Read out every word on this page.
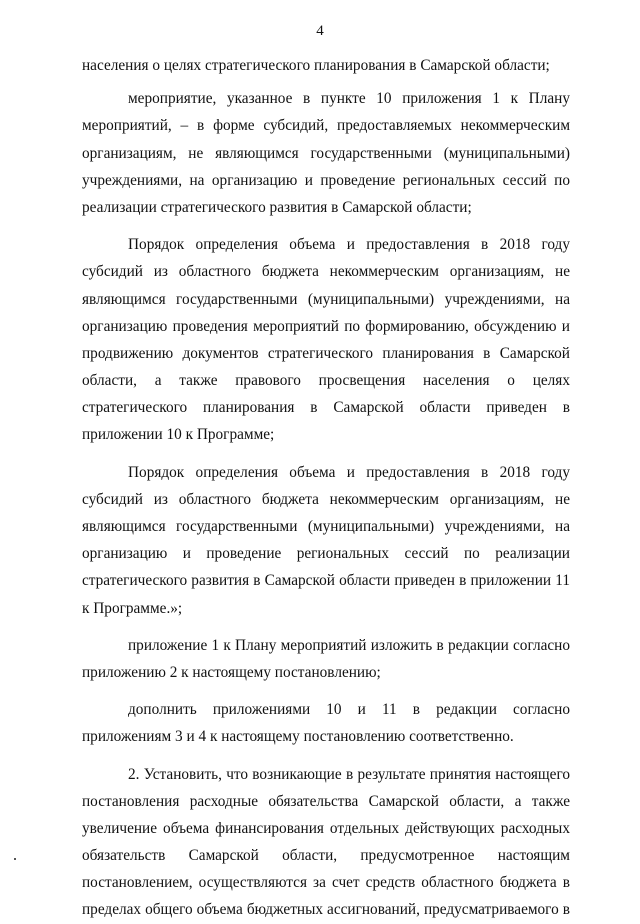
4
населения о целях стратегического планирования в Самарской области;
мероприятие, указанное в пункте 10 приложения 1 к Плану
мероприятий, – в форме субсидий, предоставляемых некоммерческим
организациям, не являющимся государственными (муниципальными)
учреждениями, на организацию и проведение региональных сессий по
реализации стратегического развития в Самарской области;
Порядок определения объема и предоставления в 2018 году
субсидий из областного бюджета некоммерческим организациям, не
являющимся государственными (муниципальными) учреждениями, на
организацию проведения мероприятий по формированию, обсуждению и
продвижению документов стратегического планирования в Самарской
области, а также правового просвещения населения о целях
стратегического планирования в Самарской области приведен в
приложении 10 к Программе;
Порядок определения объема и предоставления в 2018 году
субсидий из областного бюджета некоммерческим организациям, не
являющимся государственными (муниципальными) учреждениями, на
организацию и проведение региональных сессий по реализации
стратегического развития в Самарской области приведен в приложении 11
к Программе.»;
приложение 1 к Плану мероприятий изложить в редакции согласно
приложению 2 к настоящему постановлению;
дополнить приложениями 10 и 11 в редакции согласно
приложениям 3 и 4 к настоящему постановлению соответственно.
2. Установить, что возникающие в результате принятия настоящего
постановления расходные обязательства Самарской области, а также
увеличение объема финансирования отдельных действующих расходных
обязательств Самарской области, предусмотренное настоящим
постановлением, осуществляются за счет средств областного бюджета в
пределах общего объема бюджетных ассигнований, предусматриваемого в
